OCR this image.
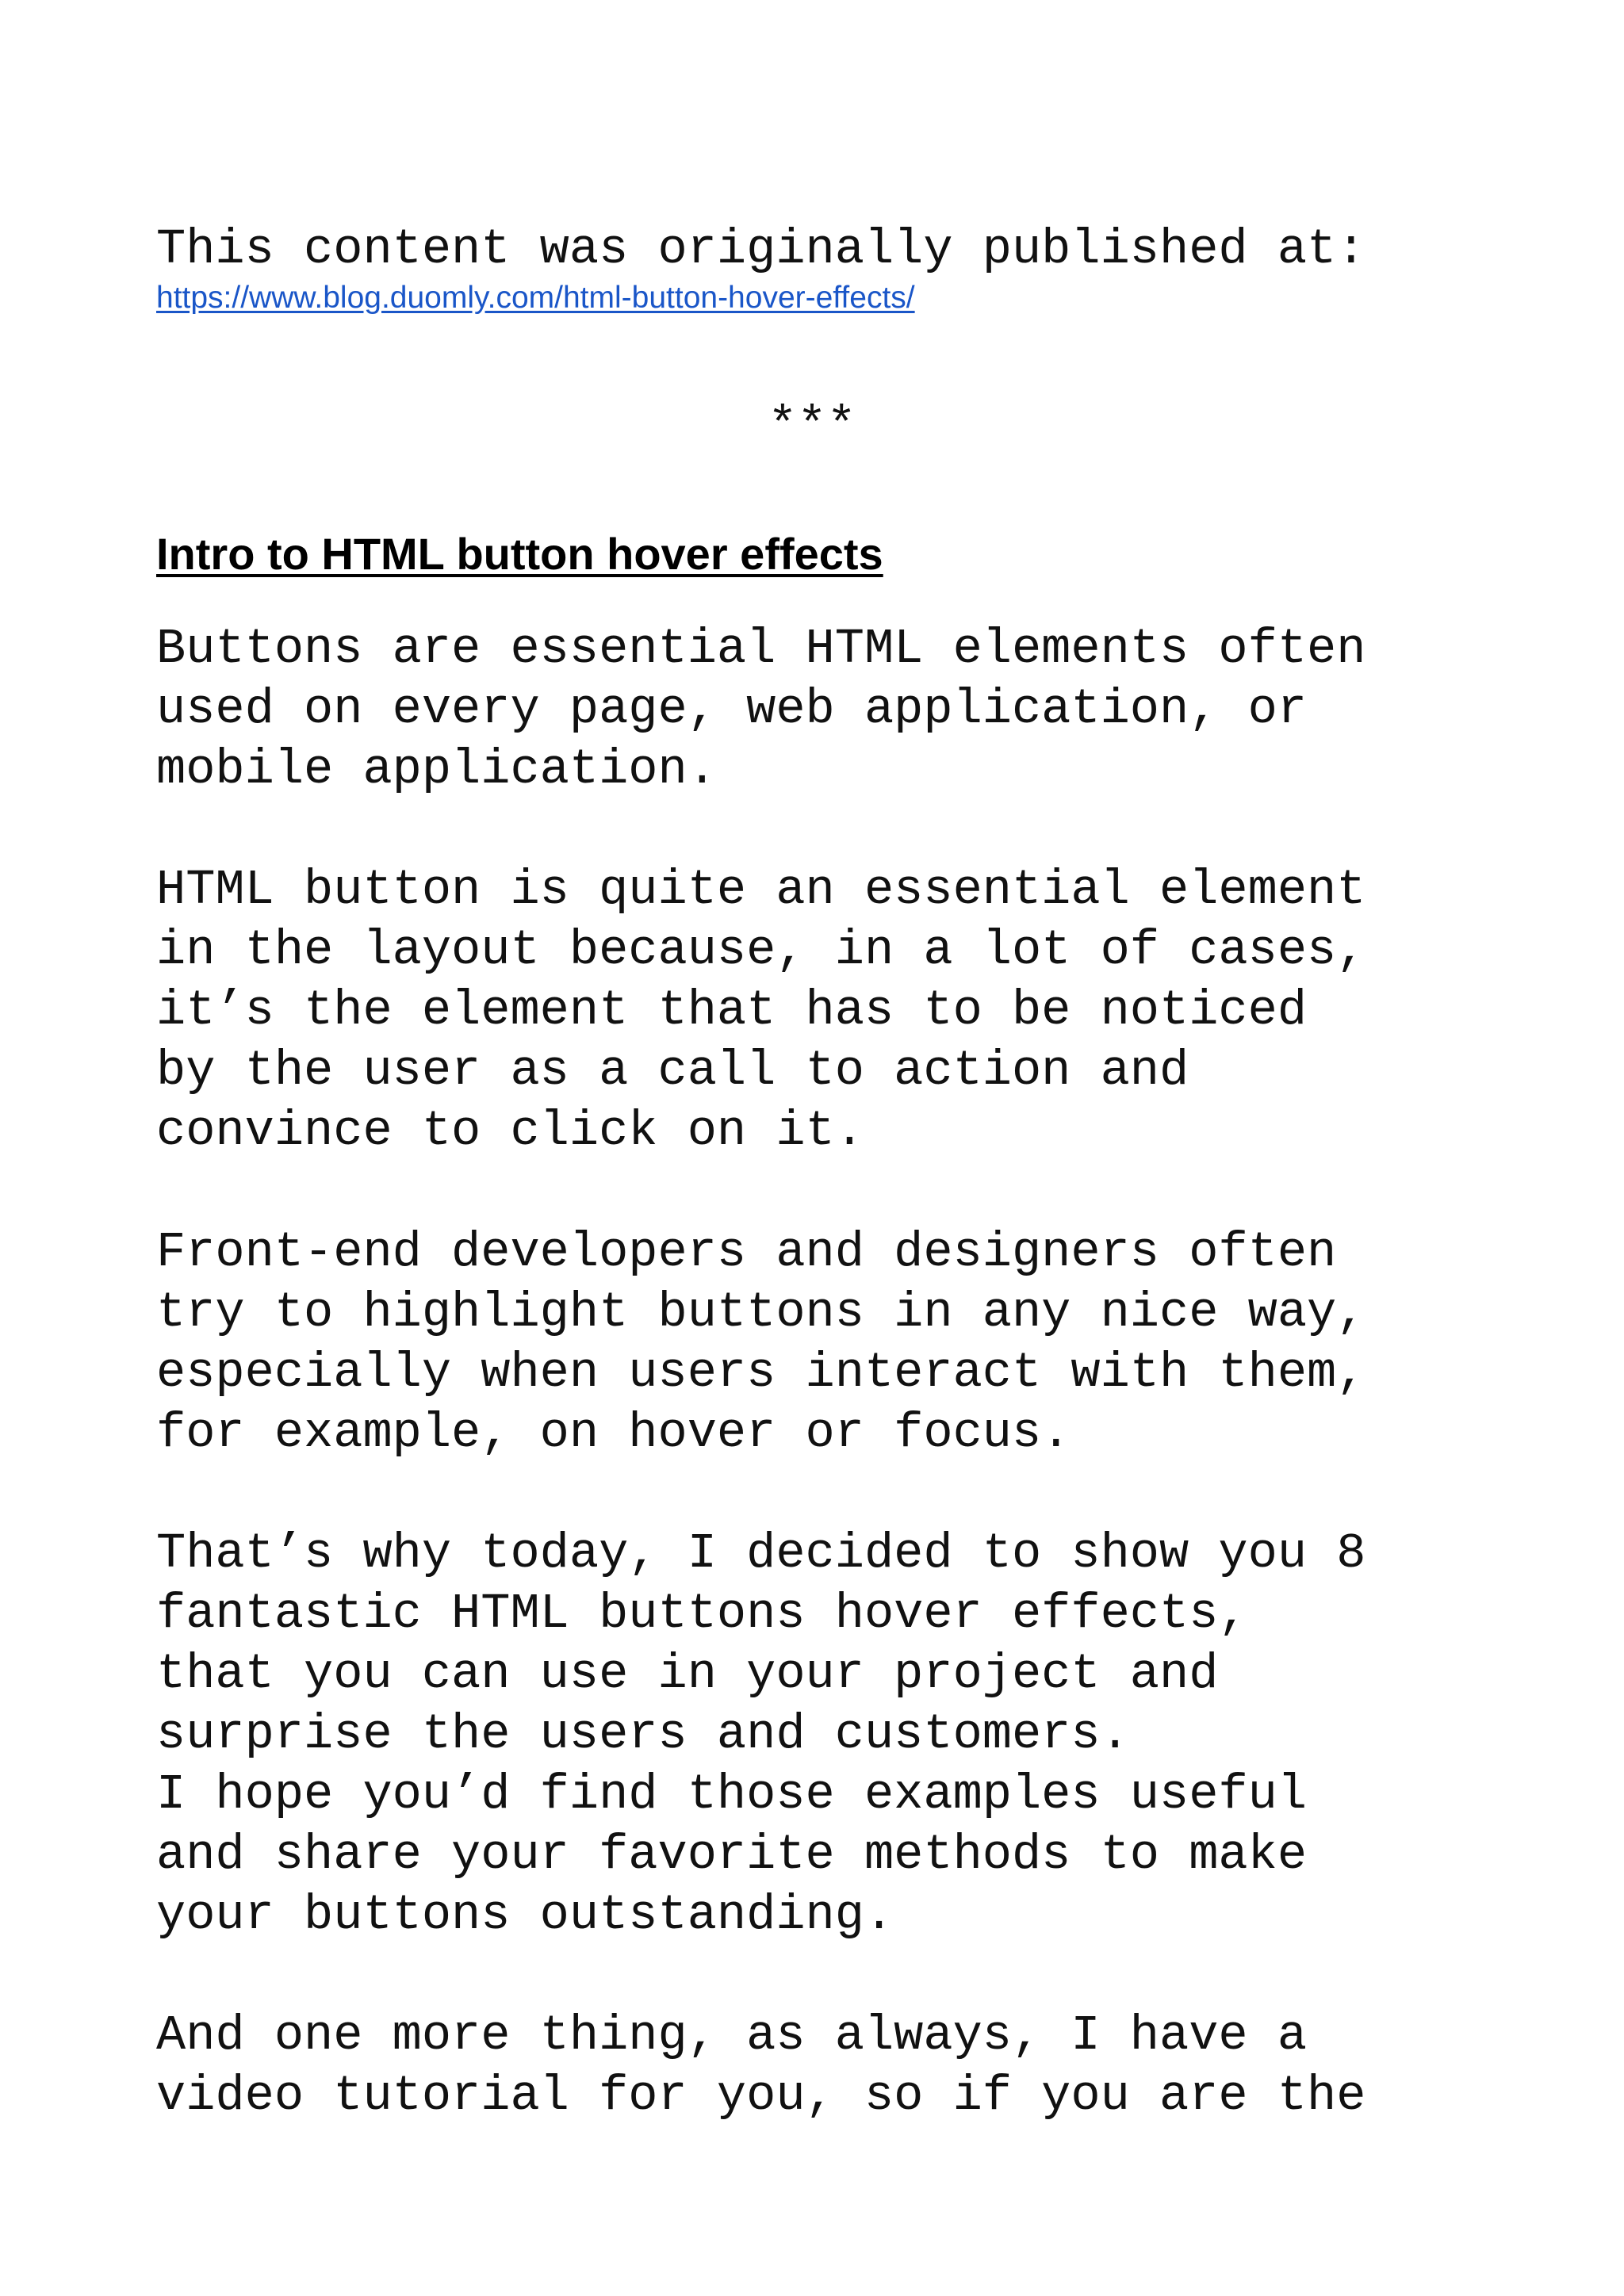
This content was originally published at:
https://www.blog.duomly.com/html-button-hover-effects/
***
Intro to HTML button hover effects

Buttons are essential HTML elements often
used on every page, web application, or
mobile application.

HTML button is quite an essential element
in the layout because, in a lot of cases,
it’s the element that has to be noticed
by the user as a call to action and
convince to click on it.

Front-end developers and designers often
try to highlight buttons in any nice way,
especially when users interact with them,
for example, on hover or focus.

That’s why today, I decided to show you 8
fantastic HTML buttons hover effects,
that you can use in your project and
surprise the users and customers.
I hope you’d find those examples useful
and share your favorite methods to make
your buttons outstanding.

And one more thing, as always, I have a
video tutorial for you, so if you are the
